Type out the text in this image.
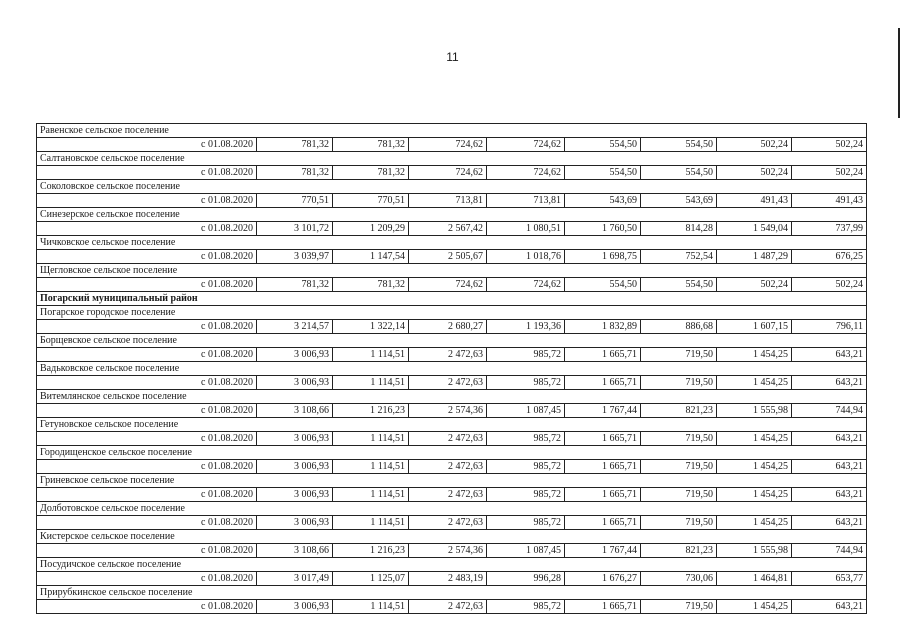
11
Равенское сельское поселение								
с 01.08.2020	781,32	781,32	724,62	724,62	554,50	554,50	502,24	502,24
Салтановское сельское поселение								
с 01.08.2020	781,32	781,32	724,62	724,62	554,50	554,50	502,24	502,24
Соколовское сельское поселение								
с 01.08.2020	770,51	770,51	713,81	713,81	543,69	543,69	491,43	491,43
Синезерское сельское поселение								
с 01.08.2020	3 101,72	1 209,29	2 567,42	1 080,51	1 760,50	814,28	1 549,04	737,99
Чичковское сельское поселение								
с 01.08.2020	3 039,97	1 147,54	2 505,67	1 018,76	1 698,75	752,54	1 487,29	676,25
Щегловское сельское поселение								
с 01.08.2020	781,32	781,32	724,62	724,62	554,50	554,50	502,24	502,24
Погарский муниципальный район								
Погарское городское поселение								
с 01.08.2020	3 214,57	1 322,14	2 680,27	1 193,36	1 832,89	886,68	1 607,15	796,11
Борщевское сельское поселение								
с 01.08.2020	3 006,93	1 114,51	2 472,63	985,72	1 665,71	719,50	1 454,25	643,21
Вадьковское сельское поселение								
с 01.08.2020	3 006,93	1 114,51	2 472,63	985,72	1 665,71	719,50	1 454,25	643,21
Витемлянское сельское поселение								
с 01.08.2020	3 108,66	1 216,23	2 574,36	1 087,45	1 767,44	821,23	1 555,98	744,94
Гетуновское сельское поселение								
с 01.08.2020	3 006,93	1 114,51	2 472,63	985,72	1 665,71	719,50	1 454,25	643,21
Городищенское сельское поселение								
с 01.08.2020	3 006,93	1 114,51	2 472,63	985,72	1 665,71	719,50	1 454,25	643,21
Гриневское сельское поселение								
с 01.08.2020	3 006,93	1 114,51	2 472,63	985,72	1 665,71	719,50	1 454,25	643,21
Долботовское сельское поселение								
с 01.08.2020	3 006,93	1 114,51	2 472,63	985,72	1 665,71	719,50	1 454,25	643,21
Кистерское сельское поселение								
с 01.08.2020	3 108,66	1 216,23	2 574,36	1 087,45	1 767,44	821,23	1 555,98	744,94
Посудичское сельское поселение								
с 01.08.2020	3 017,49	1 125,07	2 483,19	996,28	1 676,27	730,06	1 464,81	653,77
Прирубкинское сельское поселение								
с 01.08.2020	3 006,93	1 114,51	2 472,63	985,72	1 665,71	719,50	1 454,25	643,21
